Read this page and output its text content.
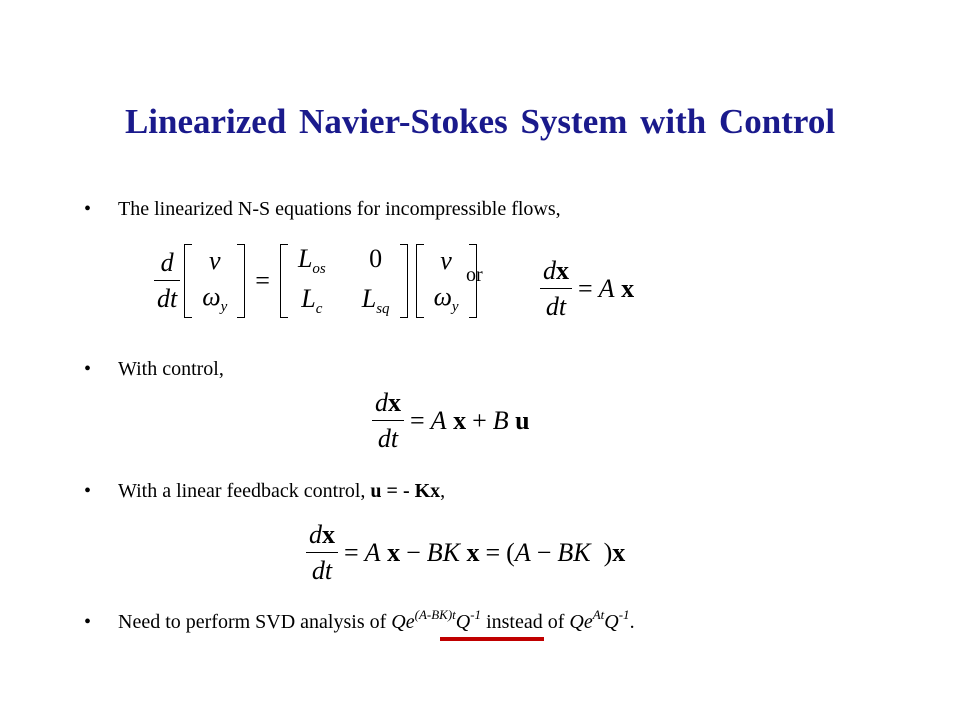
Linearized Navier-Stokes System with Control
• The linearized N-S equations for incompressible flows,
$\frac{d}{dt}$ v
$\omega_y$
=
$L_{os}$ 0
$L_c$ $L_{sq}$
v
$\omega_y$
or $\frac{dx}{dt} = A$
x
• With control,
$\frac{dx}{dt} = A$
x + B
u
• With a linear feedback control, u = - Kx,
$\frac{dx}{dt} = A$
x − BK
x = ( A − BK ) x
• Need to perform SVD analysis of $Qe^{(A-BK)t}Q^{-1}$ instead of $Qe^{At}Q^{-1}$.
